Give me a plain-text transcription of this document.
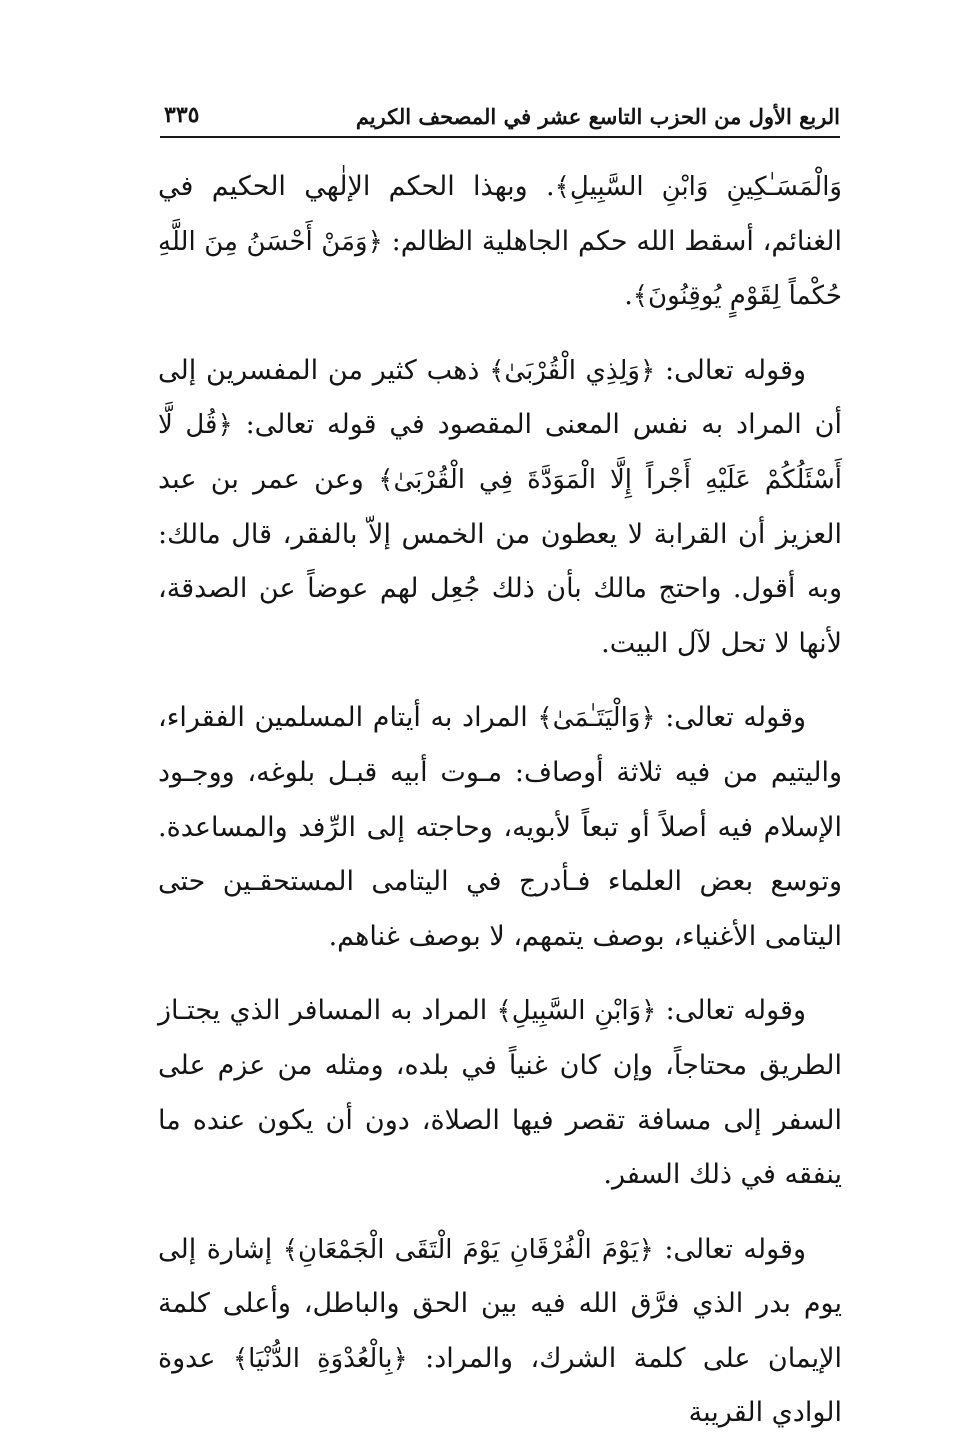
الربع الأول من الحزب التاسع عشر في المصحف الكريم
٣٣٥

وَالْمَسَـٰكِينِ وَابْنِ السَّبِيلِ﴾. وبهذا الحكم الإلٰهي الحكيم في الغنائم، أسقط الله حكم الجاهلية الظالم: ﴿وَمَنْ أَحْسَنُ مِنَ اللَّهِ حُكْماً لِقَوْمٍ يُوقِنُونَ﴾.

وقوله تعالى: ﴿وَلِذِي الْقُرْبَىٰ﴾ ذهب كثير من المفسرين إلى أن المراد به نفس المعنى المقصود في قوله تعالى: ﴿قُل لَّا أَسْئَلُكُمْ عَلَيْهِ أَجْراً إِلَّا الْمَوَدَّةَ فِي الْقُرْبَىٰ﴾ وعن عمر بن عبد العزيز أن القرابة لا يعطون من الخمس إلاّ بالفقر، قال مالك: وبه أقول. واحتج مالك بأن ذلك جُعِل لهم عوضاً عن الصدقة، لأنها لا تحل لآل البيت.

وقوله تعالى: ﴿وَالْيَتَـٰمَىٰ﴾ المراد به أيتام المسلمين الفقراء، واليتيم من فيه ثلاثة أوصاف: مـوت أبيه قبـل بلوغه، ووجـود الإسلام فيه أصلاً أو تبعاً لأبويه، وحاجته إلى الرِّفد والمساعدة. وتوسع بعض العلماء فـأدرج في اليتامى المستحقـين حتى اليتامى الأغنياء، بوصف يتمهم، لا بوصف غناهم.

وقوله تعالى: ﴿وَابْنِ السَّبِيلِ﴾ المراد به المسافر الذي يجتـاز الطريق محتاجاً، وإن كان غنياً في بلده، ومثله من عزم على السفر إلى مسافة تقصر فيها الصلاة، دون أن يكون عنده ما ينفقه في ذلك السفر.

وقوله تعالى: ﴿يَوْمَ الْفُرْقَانِ يَوْمَ الْتَقَى الْجَمْعَانِ﴾ إشارة إلى يوم بدر الذي فرَّق الله فيه بين الحق والباطل، وأعلى كلمة الإيمان على كلمة الشرك، والمراد: ﴿بِالْعُدْوَةِ الدُّنْيَا﴾ عدوة الوادي القريبة
